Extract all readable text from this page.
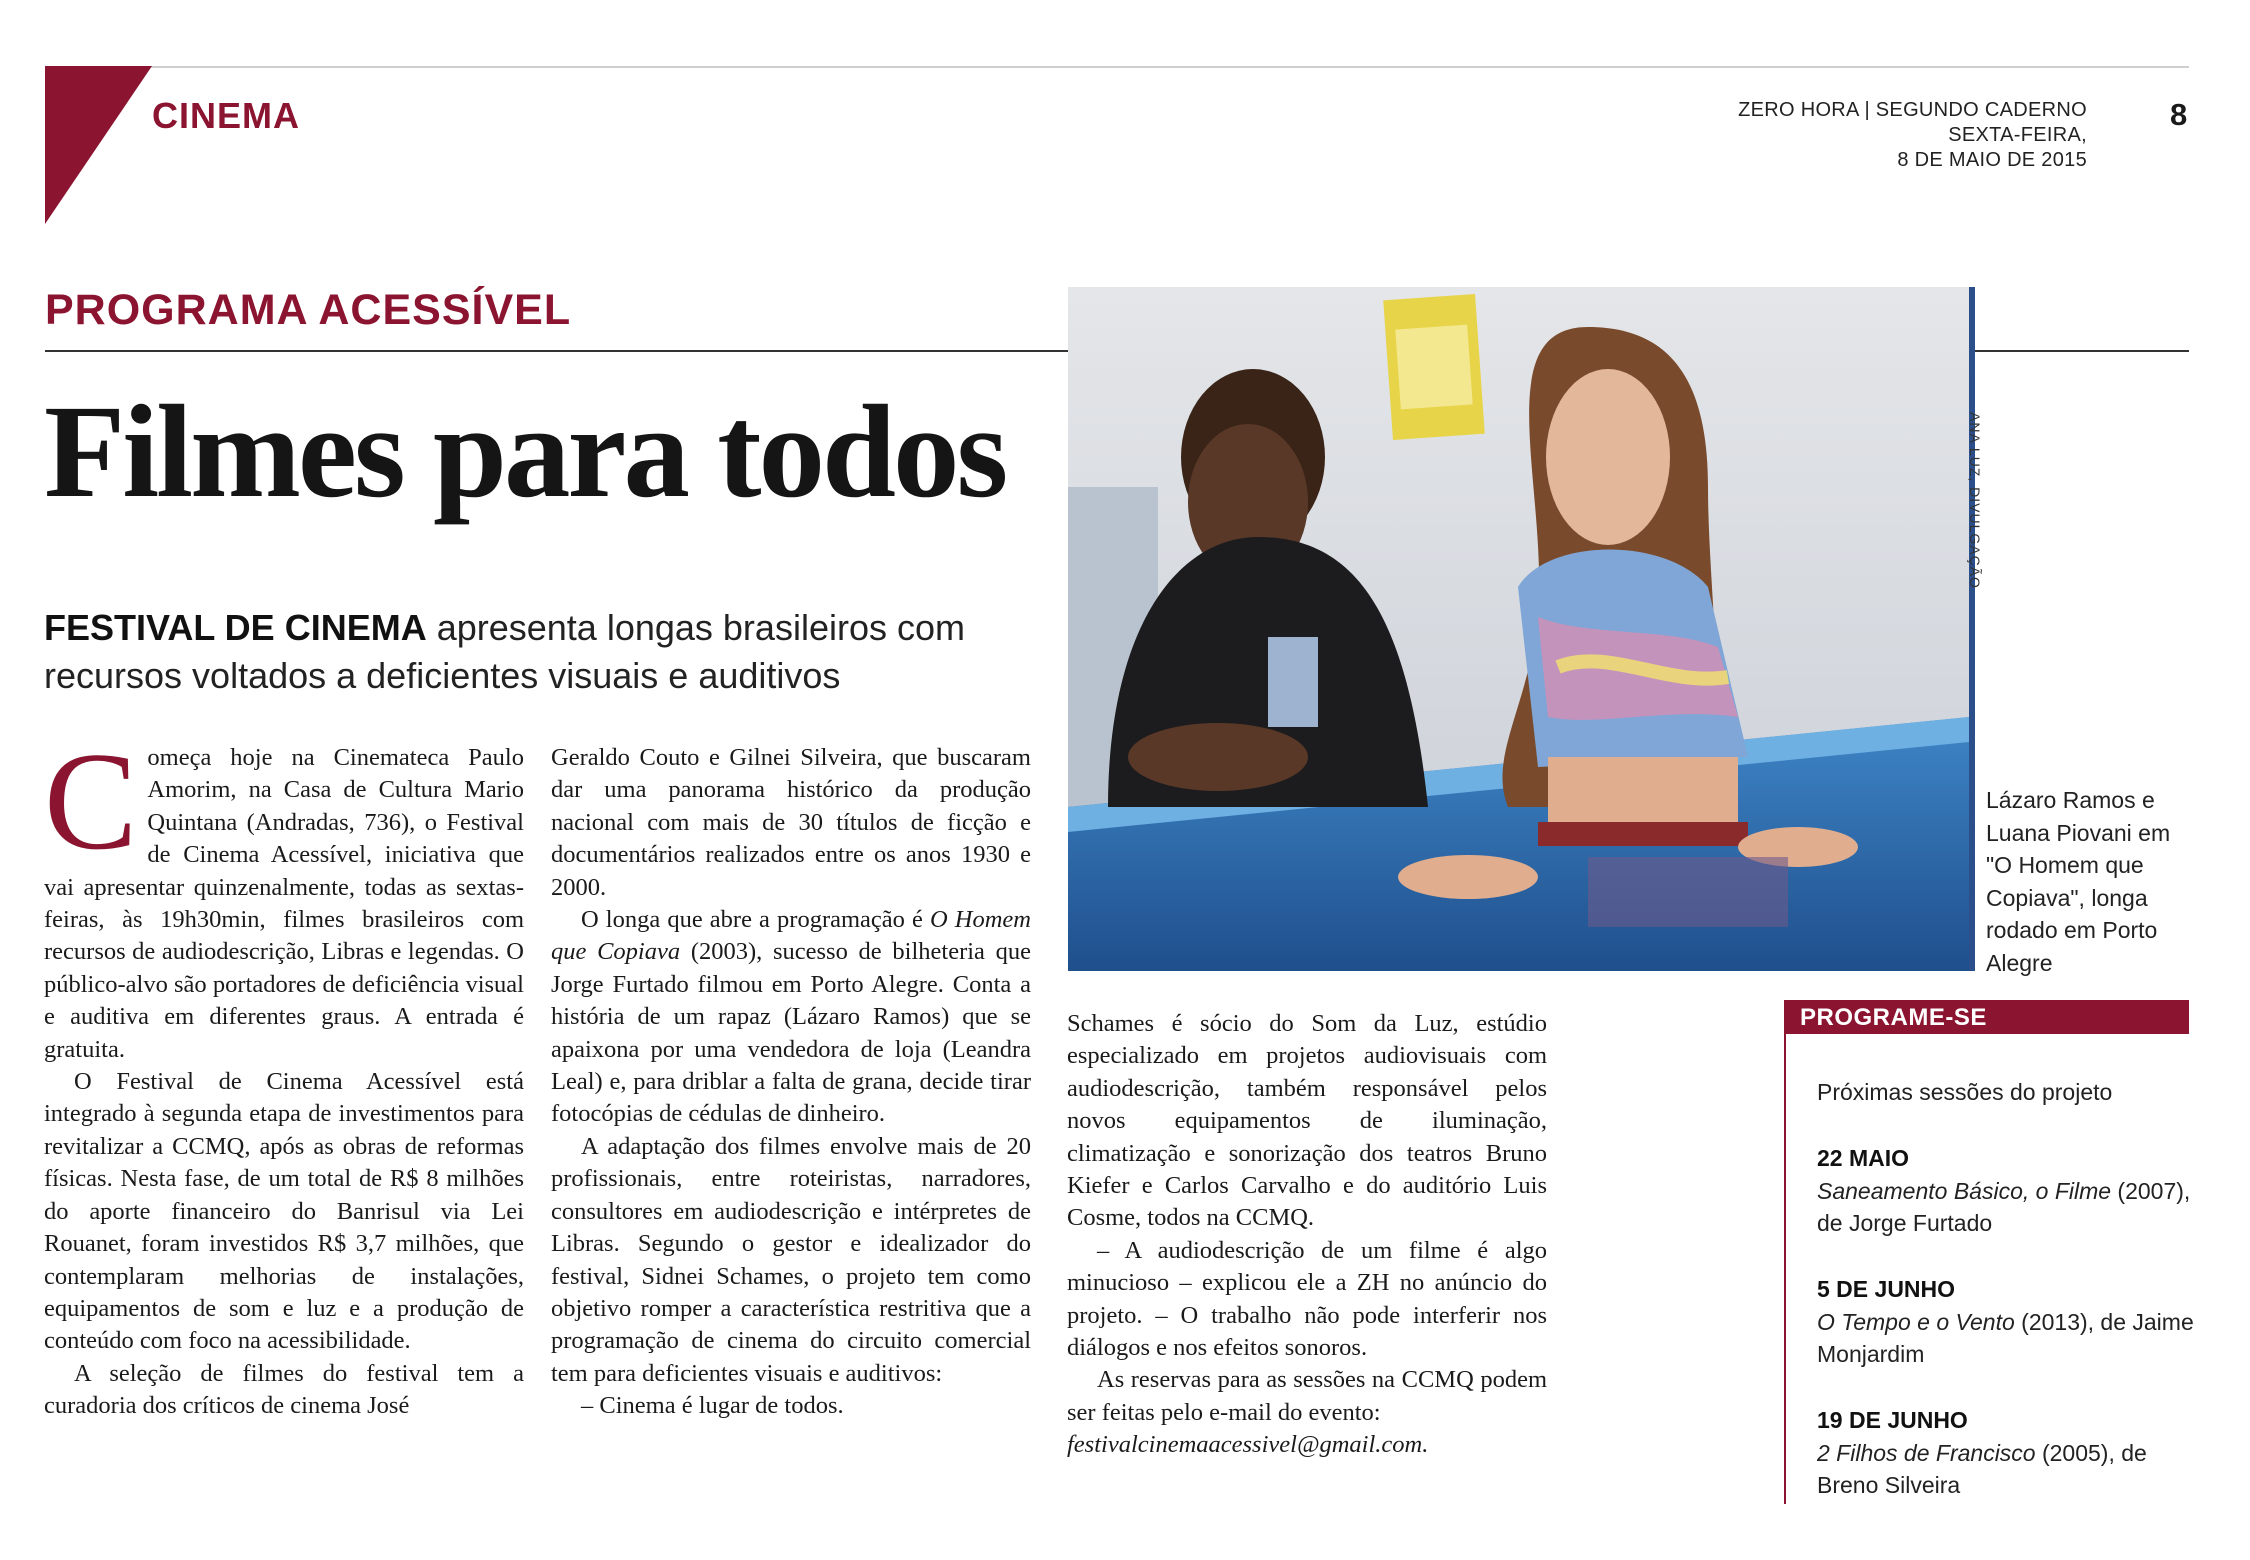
CINEMA	ZERO HORA | SEGUNDO CADERNO
SEXTA-FEIRA,
8 DE MAIO DE 2015
8
PROGRAMA ACESSÍVEL
Filmes para todos
FESTIVAL DE CINEMA apresenta longas brasileiros com recursos voltados a deficientes visuais e auditivos
C omeça hoje na Cinemateca Paulo Amorim, na Casa de Cultura Mario Quintana (Andradas, 736), o Festival de Cinema Acessível, iniciativa que vai apresentar quinzenalmente, todas as sextas-feiras, às 19h30min, filmes brasileiros com recursos de audiodescrição, Libras e legendas. O público-alvo são portadores de deficiência visual e auditiva em diferentes graus. A entrada é gratuita.

O Festival de Cinema Acessível está integrado à segunda etapa de investimentos para revitalizar a CCMQ, após as obras de reformas físicas. Nesta fase, de um total de R$ 8 milhões do aporte financeiro do Banrisul via Lei Rouanet, foram investidos R$ 3,7 milhões, que contemplaram melhorias de instalações, equipamentos de som e luz e a produção de conteúdo com foco na acessibilidade.

A seleção de filmes do festival tem a curadoria dos críticos de cinema José

Geraldo Couto e Gilnei Silveira, que buscaram dar uma panorama histórico da produção nacional com mais de 30 títulos de ficção e documentários realizados entre os anos 1930 e 2000.

O longa que abre a programação é O Homem que Copiava (2003), sucesso de bilheteria que Jorge Furtado filmou em Porto Alegre. Conta a história de um rapaz (Lázaro Ramos) que se apaixona por uma vendedora de loja (Leandra Leal) e, para driblar a falta de grana, decide tirar fotocópias de cédulas de dinheiro.

A adaptação dos filmes envolve mais de 20 profissionais, entre roteiristas, narradores, consultores em audiodescrição e intérpretes de Libras. Segundo o gestor e idealizador do festival, Sidnei Schames, o projeto tem como objetivo romper a característica restritiva que a programação de cinema do circuito comercial tem para deficientes visuais e auditivos:

– Cinema é lugar de todos.

Schames é sócio do Som da Luz, estúdio especializado em projetos audiovisuais com audiodescrição, também responsável pelos novos equipamentos de iluminação, climatização e sonorização dos teatros Bruno Kiefer e Carlos Carvalho e do auditório Luis Cosme, todos na CCMQ.

– A audiodescrição de um filme é algo minucioso – explicou ele a ZH no anúncio do projeto. – O trabalho não pode interferir nos diálogos e nos efeitos sonoros.

As reservas para as sessões na CCMQ podem ser feitas pelo e-mail do evento:

festivalcinemaacessivel@gmail.com.

ANA LUZ, DIVULGAÇÃO
Lázaro Ramos e Luana Piovani em "O Homem que Copiava", longa rodado em Porto Alegre
PROGRAME-SE
Próximas sessões do projeto
22 MAIO
Saneamento Básico, o Filme (2007), de Jorge Furtado
5 DE JUNHO
O Tempo e o Vento (2013), de Jaime Monjardim
19 DE JUNHO
2 Filhos de Francisco (2005), de Breno Silveira
